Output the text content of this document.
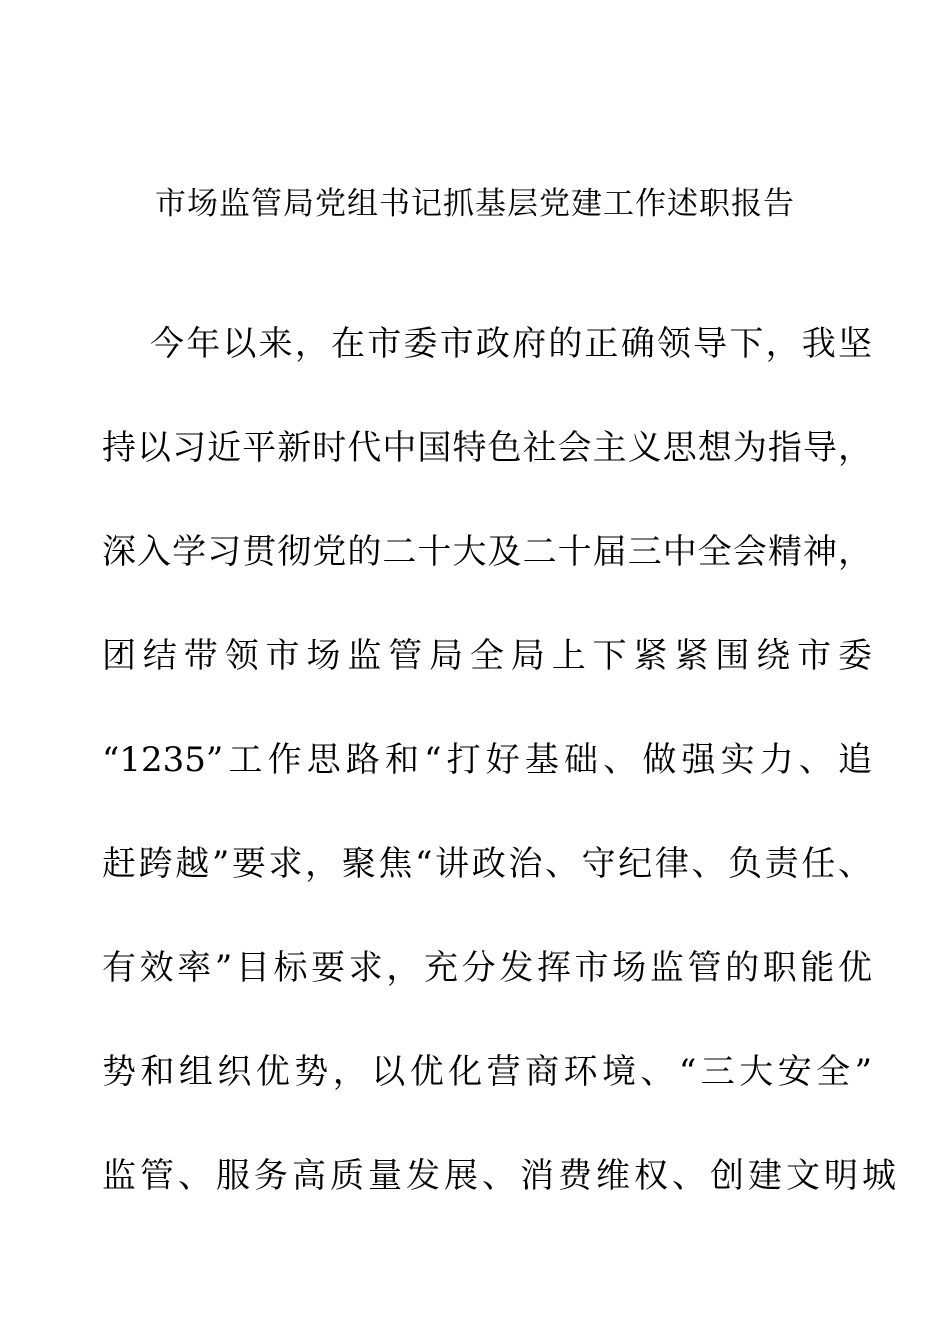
市场监管局党组书记抓基层党建工作述职报告
今年以来，在市委市政府的正确领导下，我坚
持以习近平新时代中国特色社会主义思想为指导，
深入学习贯彻党的二十大及二十届三中全会精神，
团结带领市场监管局全局上下紧紧围绕市委
“1235”工作思路和“打好基础、做强实力、追
赶跨越”要求，聚焦“讲政治、守纪律、负责任、
有效率”目标要求，充分发挥市场监管的职能优
势和组织优势，以优化营商环境、“三大安全”
监管、服务高质量发展、消费维权、创建文明城
